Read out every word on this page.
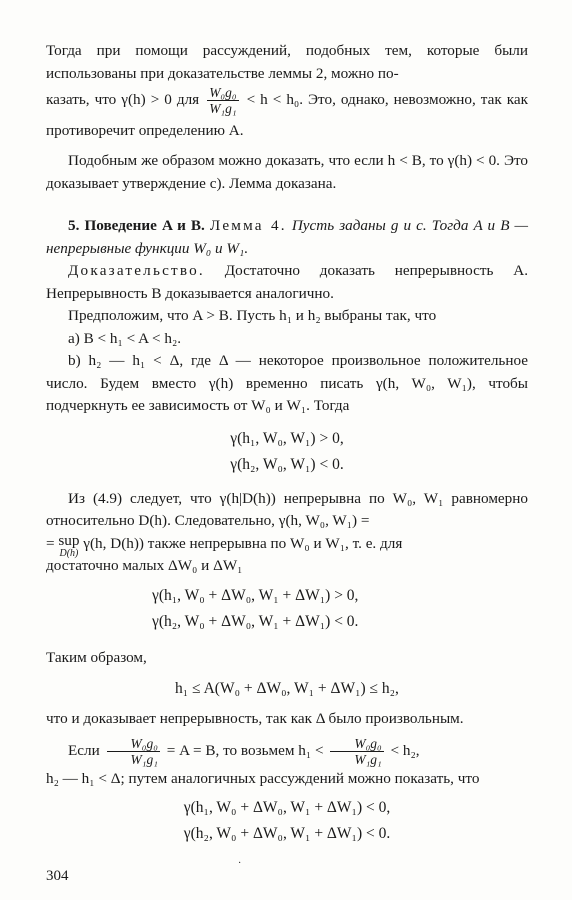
Тогда при помощи рассуждений, подобных тем, которые были использованы при доказательстве леммы 2, можно по-

казать, что γ(h) > 0 для $\frac{\text{W₀g₀}}{\text{W₁g₁}} < h < h_0$. Это, однако, невозможно, так как противоречит определению A.

Подобным же образом можно доказать, что если h < B, то γ(h) < 0. Это доказывает утверждение с). Лемма доказана.

5. Поведение A и B. Лемма 4. Пусть заданы g и c. Тогда A и B — непрерывные функции W₀ и W₁.

Доказательство. Достаточно доказать непрерывность A. Непрерывность B доказывается аналогично.

Предположим, что A > B. Пусть h₁ и h₂ выбраны так, что

a) B < h₁ < A < h₂.

b) h₂ — h₁ < Δ, где Δ — некоторое произвольное положительное число. Будем вместо γ(h) временно писать γ(h, W₀, W₁), чтобы подчеркнуть ее зависимость от W₀ и W₁. Тогда

γ(h₁, W₀, W₁) > 0,

γ(h₂, W₀, W₁) < 0.

Из (4.9) следует, что γ(h|D(h)) непрерывна по W₀, W₁ равномерно относительно D(h). Следовательно, γ(h, W₀, W₁) =

= sup
D(h)
γ(h, D(h)) также непрерывна по W₀ и W₁, т. е. для

достаточно малых ΔW₀ и ΔW₁

γ(h₁, W₀ + ΔW₀, W₁ + ΔW₁) > 0,

γ(h₂, W₀ + ΔW₀, W₁ + ΔW₁) < 0.

Таким образом,

h₁ ≤ A(W₀ + ΔW₀, W₁ + ΔW₁) ≤ h₂,

что и доказывает непрерывность, так как Δ было произвольным.

Если $\frac{\text{W₀g₀}}{\text{W₁g₁}} = A = B$, то возьмем $h_1 < \frac{\text{W₀g₀}}{\text{W₁g₁}} < h_2$,

h₂ — h₁ < Δ; путем аналогичных рассуждений можно показать, что

γ(h₁, W₀ + ΔW₀, W₁ + ΔW₁) < 0,

γ(h₂, W₀ + ΔW₀, W₁ + ΔW₁) < 0.

·
304
